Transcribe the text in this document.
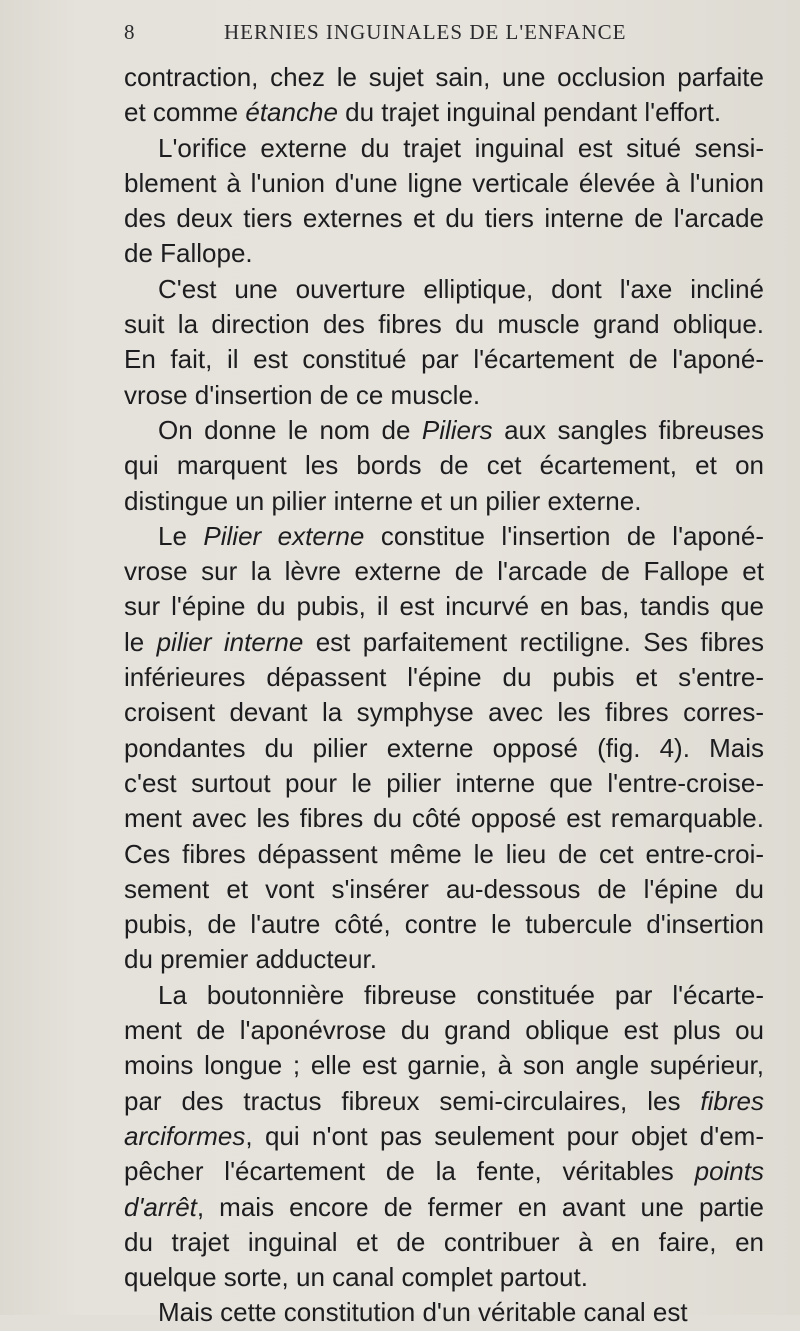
8	HERNIES INGUINALES DE L'ENFANCE
contraction, chez le sujet sain, une occlusion parfaite
et comme étanche du trajet inguinal pendant l'effort.
L'orifice externe du trajet inguinal est situé sensi-
blement à l'union d'une ligne verticale élevée à l'union
des deux tiers externes et du tiers interne de l'arcade
de Fallope.
C'est une ouverture elliptique, dont l'axe incliné
suit la direction des fibres du muscle grand oblique.
En fait, il est constitué par l'écartement de l'aponé-
vrose d'insertion de ce muscle.
On donne le nom de Piliers aux sangles fibreuses
qui marquent les bords de cet écartement, et on
distingue un pilier interne et un pilier externe.
Le Pilier externe constitue l'insertion de l'aponé-
vrose sur la lèvre externe de l'arcade de Fallope et
sur l'épine du pubis, il est incurvé en bas, tandis que
le pilier interne est parfaitement rectiligne. Ses fibres
inférieures dépassent l'épine du pubis et s'entre-
croisent devant la symphyse avec les fibres corres-
pondantes du pilier externe opposé (fig. 4). Mais
c'est surtout pour le pilier interne que l'entre-croise-
ment avec les fibres du côté opposé est remarquable.
Ces fibres dépassent même le lieu de cet entre-croi-
sement et vont s'insérer au-dessous de l'épine du
pubis, de l'autre côté, contre le tubercule d'insertion
du premier adducteur.
La boutonnière fibreuse constituée par l'écarte-
ment de l'aponévrose du grand oblique est plus ou
moins longue ; elle est garnie, à son angle supérieur,
par des tractus fibreux semi-circulaires, les fibres
arciformes, qui n'ont pas seulement pour objet d'em-
pêcher l'écartement de la fente, véritables points
d'arrêt, mais encore de fermer en avant une partie
du trajet inguinal et de contribuer à en faire, en
quelque sorte, un canal complet partout.
Mais cette constitution d'un véritable canal est
